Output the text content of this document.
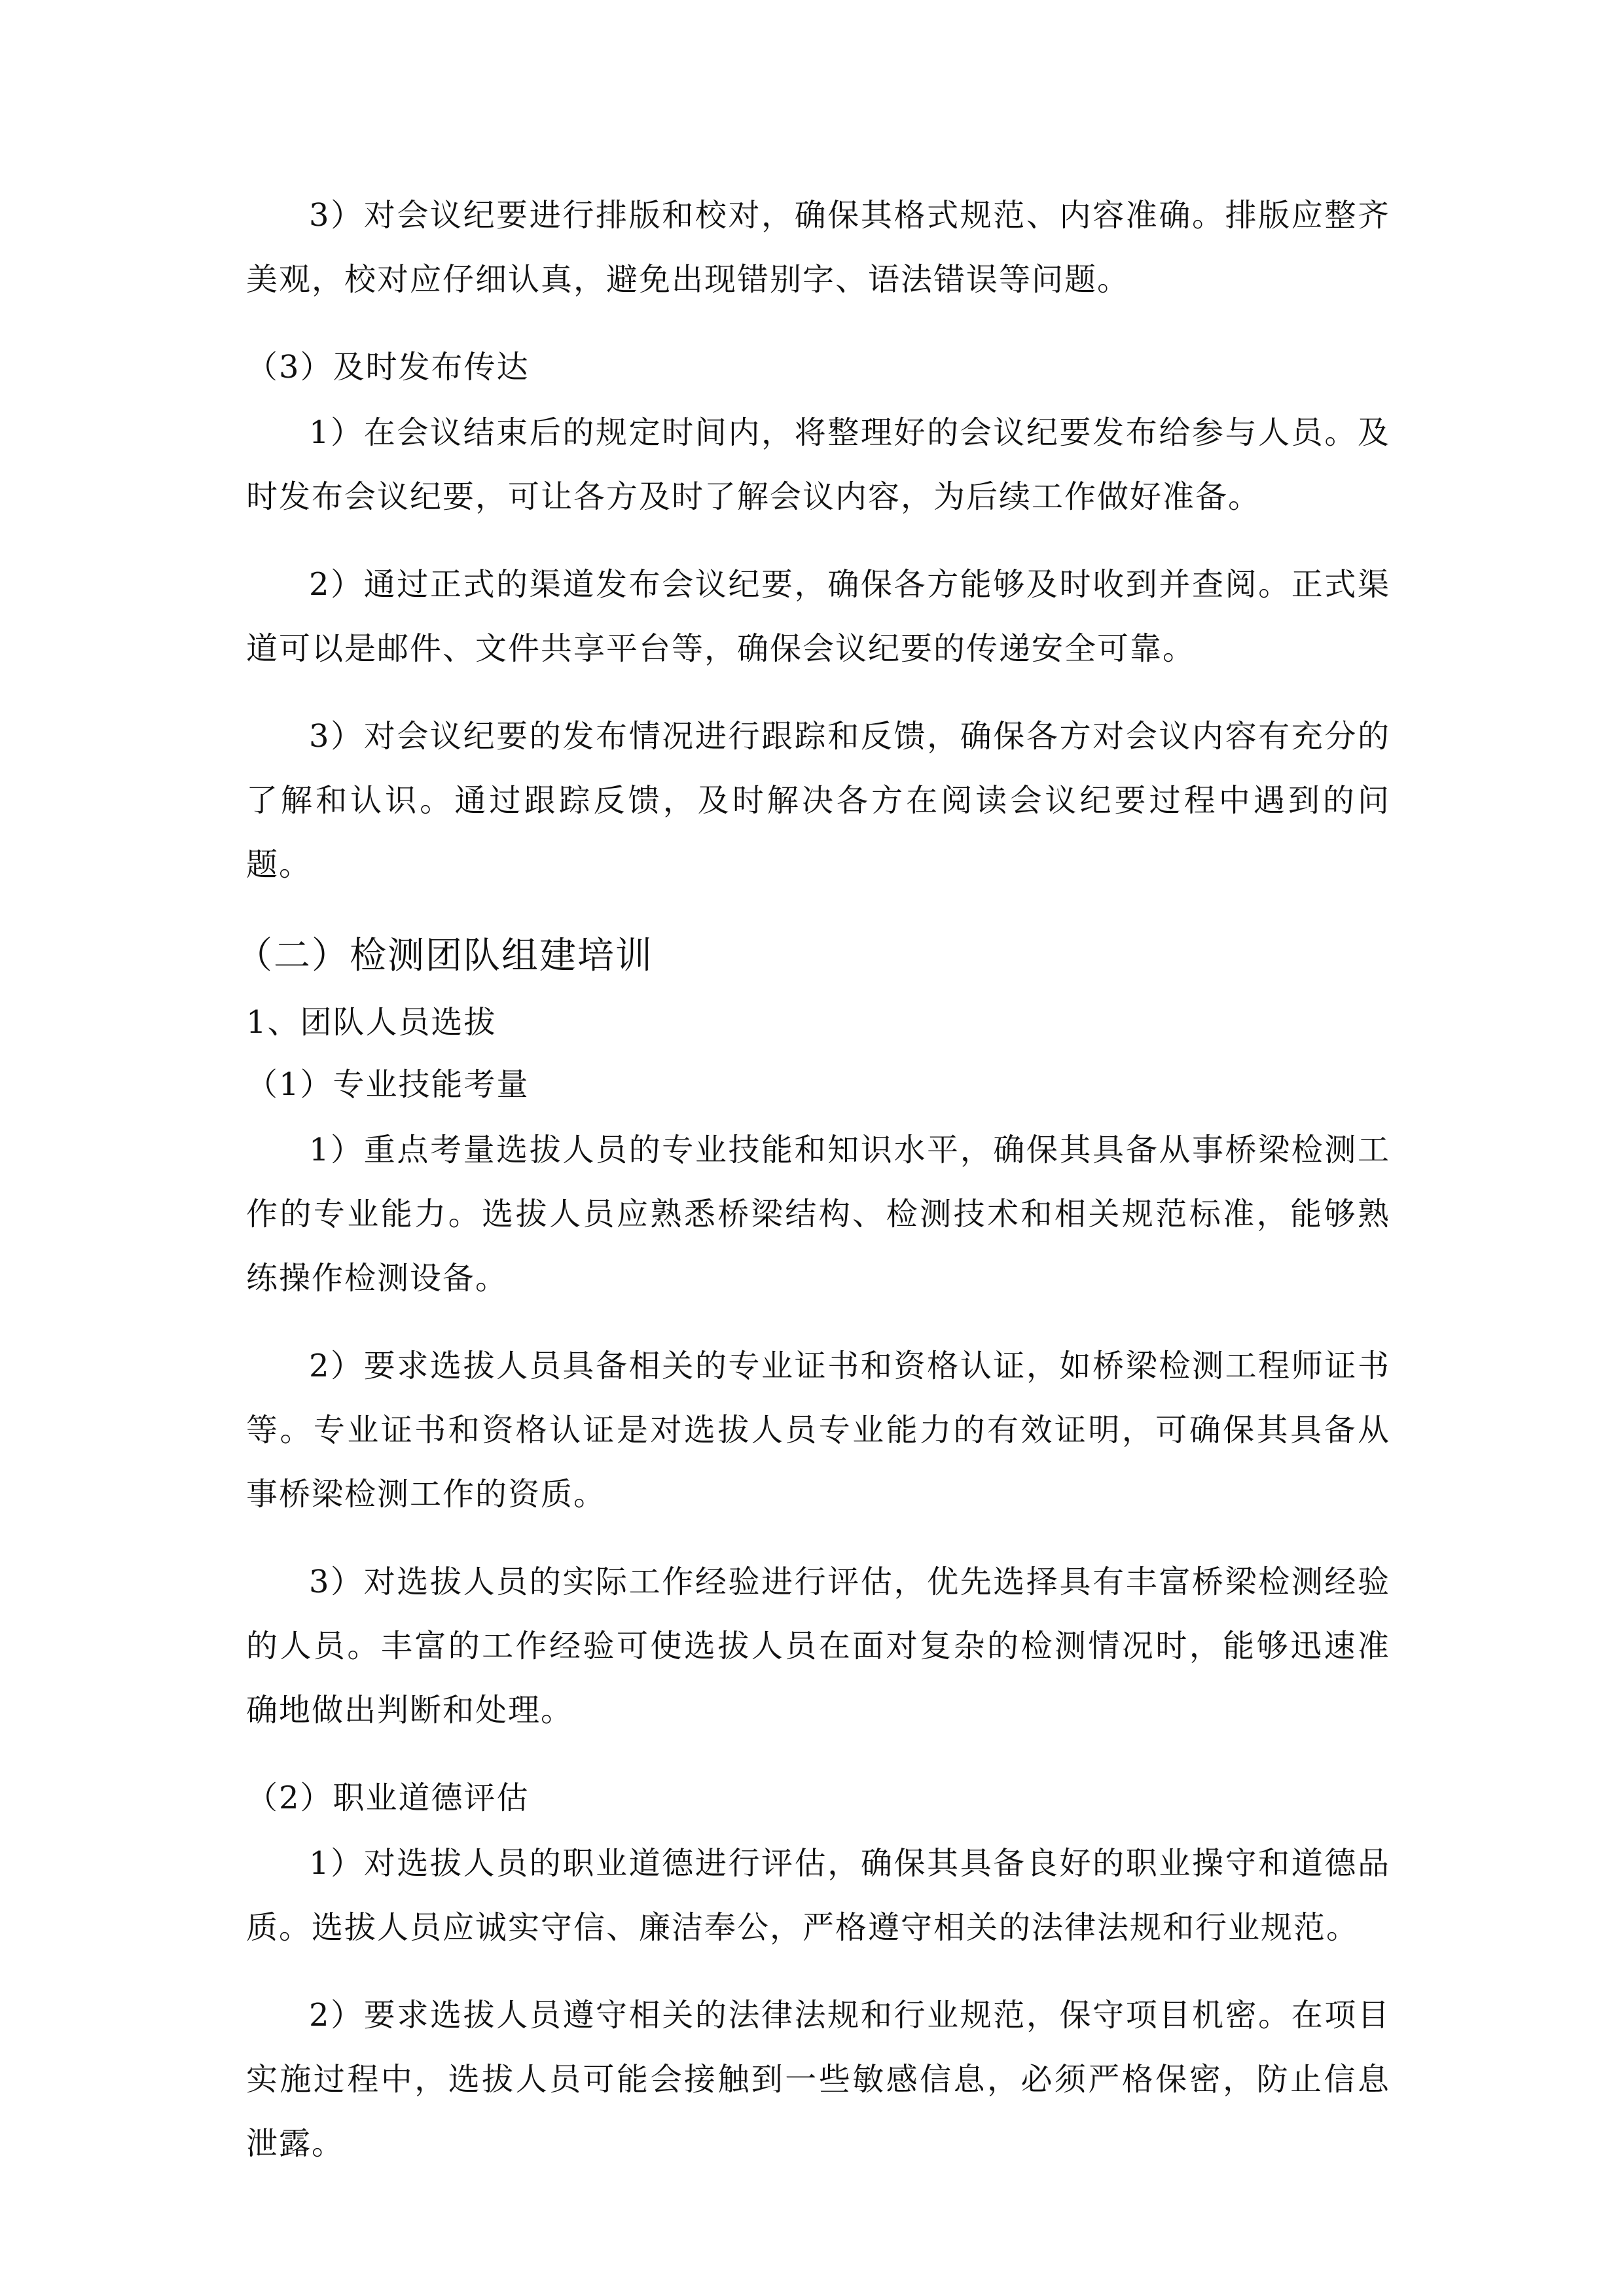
3）对会议纪要进行排版和校对，确保其格式规范、内容准确。排版应整齐美观，校对应仔细认真，避免出现错别字、语法错误等问题。

（3）及时发布传达

1）在会议结束后的规定时间内，将整理好的会议纪要发布给参与人员。及时发布会议纪要，可让各方及时了解会议内容，为后续工作做好准备。

2）通过正式的渠道发布会议纪要，确保各方能够及时收到并查阅。正式渠道可以是邮件、文件共享平台等，确保会议纪要的传递安全可靠。

3）对会议纪要的发布情况进行跟踪和反馈，确保各方对会议内容有充分的了解和认识。通过跟踪反馈，及时解决各方在阅读会议纪要过程中遇到的问题。

（二）检测团队组建培训

1、团队人员选拔

（1）专业技能考量

1）重点考量选拔人员的专业技能和知识水平，确保其具备从事桥梁检测工作的专业能力。选拔人员应熟悉桥梁结构、检测技术和相关规范标准，能够熟练操作检测设备。

2）要求选拔人员具备相关的专业证书和资格认证，如桥梁检测工程师证书等。专业证书和资格认证是对选拔人员专业能力的有效证明，可确保其具备从事桥梁检测工作的资质。

3）对选拔人员的实际工作经验进行评估，优先选择具有丰富桥梁检测经验的人员。丰富的工作经验可使选拔人员在面对复杂的检测情况时，能够迅速准确地做出判断和处理。

（2）职业道德评估

1）对选拔人员的职业道德进行评估，确保其具备良好的职业操守和道德品质。选拔人员应诚实守信、廉洁奉公，严格遵守相关的法律法规和行业规范。

2）要求选拔人员遵守相关的法律法规和行业规范，保守项目机密。在项目实施过程中，选拔人员可能会接触到一些敏感信息，必须严格保密，防止信息泄露。
